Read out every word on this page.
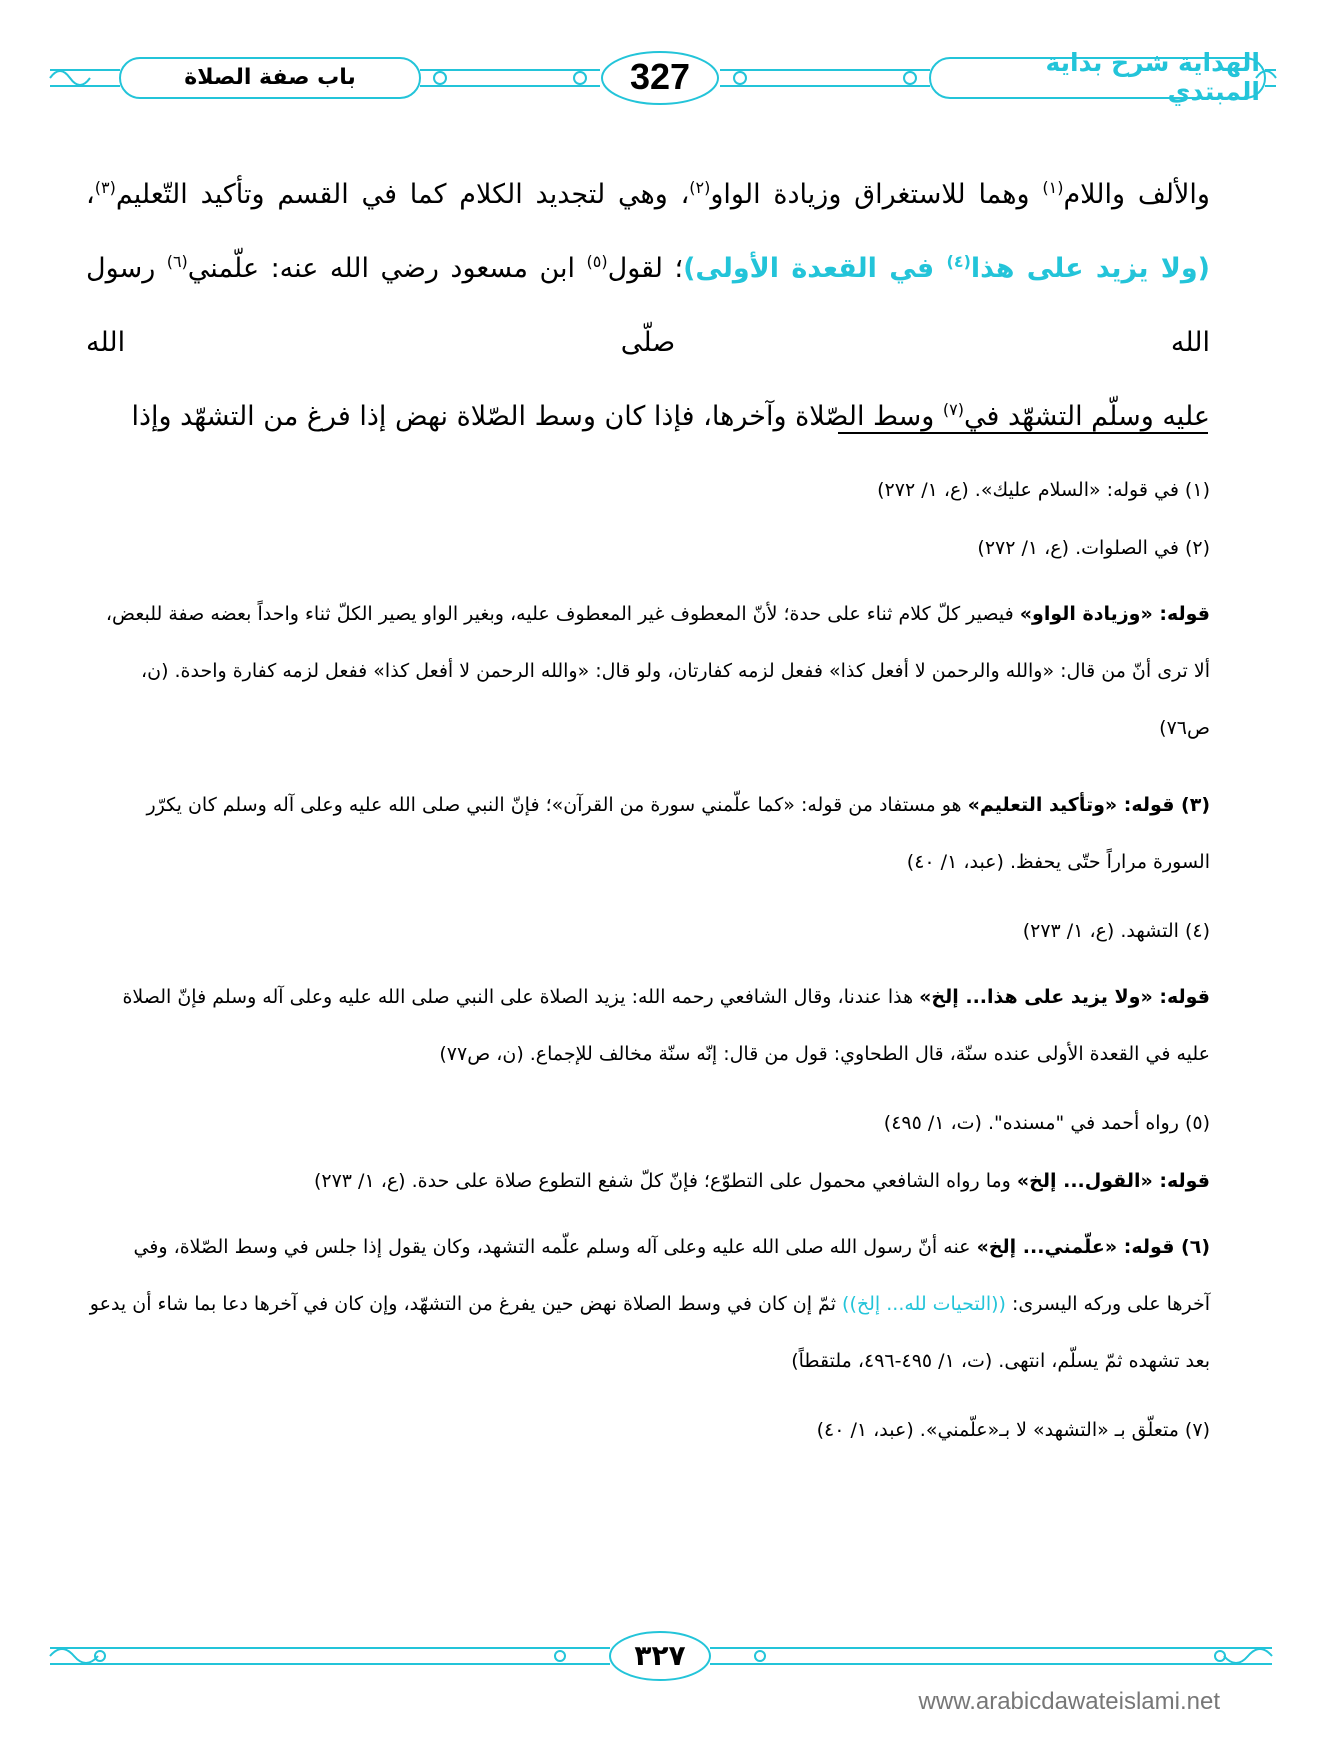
الهداية شرح بداية المبتدي
327
باب صفة الصلاة

والألف واللام$^{(١)}$ وهما للاستغراق وزيادة الواو$^{(٢)}$، وهي لتجديد الكلام كما في القسم وتأكيد التّعليم$^{(٣)}$،

(ولا يزيد على هذا$^{(٤)}$ في القعدة الأولى)؛ لقول$^{(٥)}$ ابن مسعود رضي الله عنه: علّمني$^{(٦)}$ رسول الله صلّى الله

عليه وسلّم التشهّد في$^{(٧)}$ وسط الصّلاة وآخرها، فإذا كان وسط الصّلاة نهض إذا فرغ من التشهّد وإذا

(١) في قوله: «السلام عليك». (ع، ١/ ٢٧٢)

(٢) في الصلوات. (ع، ١/ ٢٧٢)

قوله: «وزيادة الواو» فيصير كلّ كلام ثناء على حدة؛ لأنّ المعطوف غير المعطوف عليه، وبغير الواو يصير الكلّ ثناء واحداً بعضه صفة للبعض، ألا ترى أنّ من قال: «والله والرحمن لا أفعل كذا» ففعل لزمه كفارتان، ولو قال: «والله الرحمن لا أفعل كذا» ففعل لزمه كفارة واحدة. (ن، ص٧٦)

(٣) قوله: «وتأكيد التعليم» هو مستفاد من قوله: «كما علّمني سورة من القرآن»؛ فإنّ النبي صلى الله عليه وعلى آله وسلم كان يكرّر السورة مراراً حتّى يحفظ. (عبد، ١/ ٤٠)

(٤) التشهد. (ع، ١/ ٢٧٣)

قوله: «ولا يزيد على هذا... إلخ» هذا عندنا، وقال الشافعي رحمه الله: يزيد الصلاة على النبي صلى الله عليه وعلى آله وسلم فإنّ الصلاة عليه في القعدة الأولى عنده سنّة، قال الطحاوي: قول من قال: إنّه سنّة مخالف للإجماع. (ن، ص٧٧)

(٥) رواه أحمد في "مسنده". (ت، ١/ ٤٩٥)

قوله: «القول... إلخ» وما رواه الشافعي محمول على التطوّع؛ فإنّ كلّ شفع التطوع صلاة على حدة. (ع، ١/ ٢٧٣)

(٦) قوله: «علّمني... إلخ» عنه أنّ رسول الله صلى الله عليه وعلى آله وسلم علّمه التشهد، وكان يقول إذا جلس في وسط الصّلاة، وفي آخرها على وركه اليسرى: ((التحيات لله... إلخ)) ثمّ إن كان في وسط الصلاة نهض حين يفرغ من التشهّد، وإن كان في آخرها دعا بما شاء أن يدعو بعد تشهده ثمّ يسلّم، انتهى. (ت، ١/ ٤٩٥-٤٩٦، ملتقطاً)

(٧) متعلّق بـ «التشهد» لا بـ«علّمني». (عبد، ١/ ٤٠)

٣٢٧
www.arabicdawateislami.net
